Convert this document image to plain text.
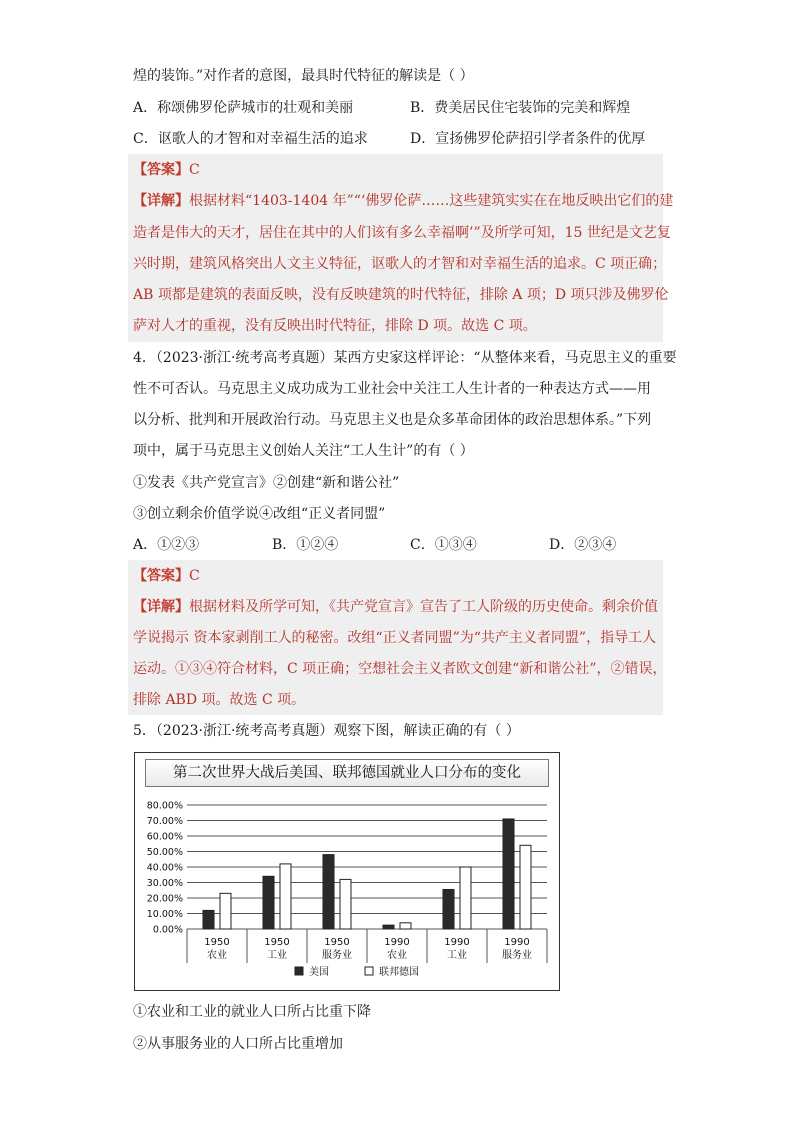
煌的装饰。”对作者的意图，最具时代特征的解读是（ ）
A．称颂佛罗伦萨城市的壮观和美丽	B．费美居民住宅装饰的完美和辉煌
C．讴歌人的才智和对幸福生活的追求	D．宣扬佛罗伦萨招引学者条件的优厚
【答案】C
【详解】根据材料“1403-1404 年”“‘佛罗伦萨……这些建筑实实在在地反映出它们的建
造者是伟大的天才，居住在其中的人们该有多么幸福啊’”及所学可知，15 世纪是文艺复
兴时期，建筑风格突出人文主义特征，讴歌人的才智和对幸福生活的追求。C 项正确；
AB 项都是建筑的表面反映，没有反映建筑的时代特征，排除 A 项；D 项只涉及佛罗伦
萨对人才的重视，没有反映出时代特征，排除 D 项。故选 C 项。
4．（2023·浙江·统考高考真题）某西方史家这样评论：“从整体来看，马克思主义的重要
性不可否认。马克思主义成功成为工业社会中关注工人生计者的一种表达方式——用
以分析、批判和开展政治行动。马克思主义也是众多革命团体的政治思想体系。”下列
项中，属于马克思主义创始人关注“工人生计”的有（ ）
①发表《共产党宣言》②创建“新和谐公社”
③创立剩余价值学说④改组“正义者同盟”
A．①②③	B．①②④	C．①③④	D．②③④
【答案】C
【详解】根据材料及所学可知，《共产党宣言》宣告了工人阶级的历史使命。剩余价值
学说揭示 资本家剥削工人的秘密。改组“正义者同盟”为“共产主义者同盟”，指导工人
运动。①③④符合材料，C 项正确；空想社会主义者欧文创建“新和谐公社”，②错误，
排除 ABD 项。故选 C 项。
5．（2023·浙江·统考高考真题）观察下图，解读正确的有（ ）
第二次世界大战后美国、联邦德国就业人口分布的变化
0.00%
10.00%
20.00%
30.00%
40.00%
50.00%
60.00%
70.00%
80.00%
1950
农业
1950
工业
1950
服务业
1990
农业
1990
工业
1990
服务业
美国	联邦德国
①农业和工业的就业人口所占比重下降
②从事服务业的人口所占比重增加
